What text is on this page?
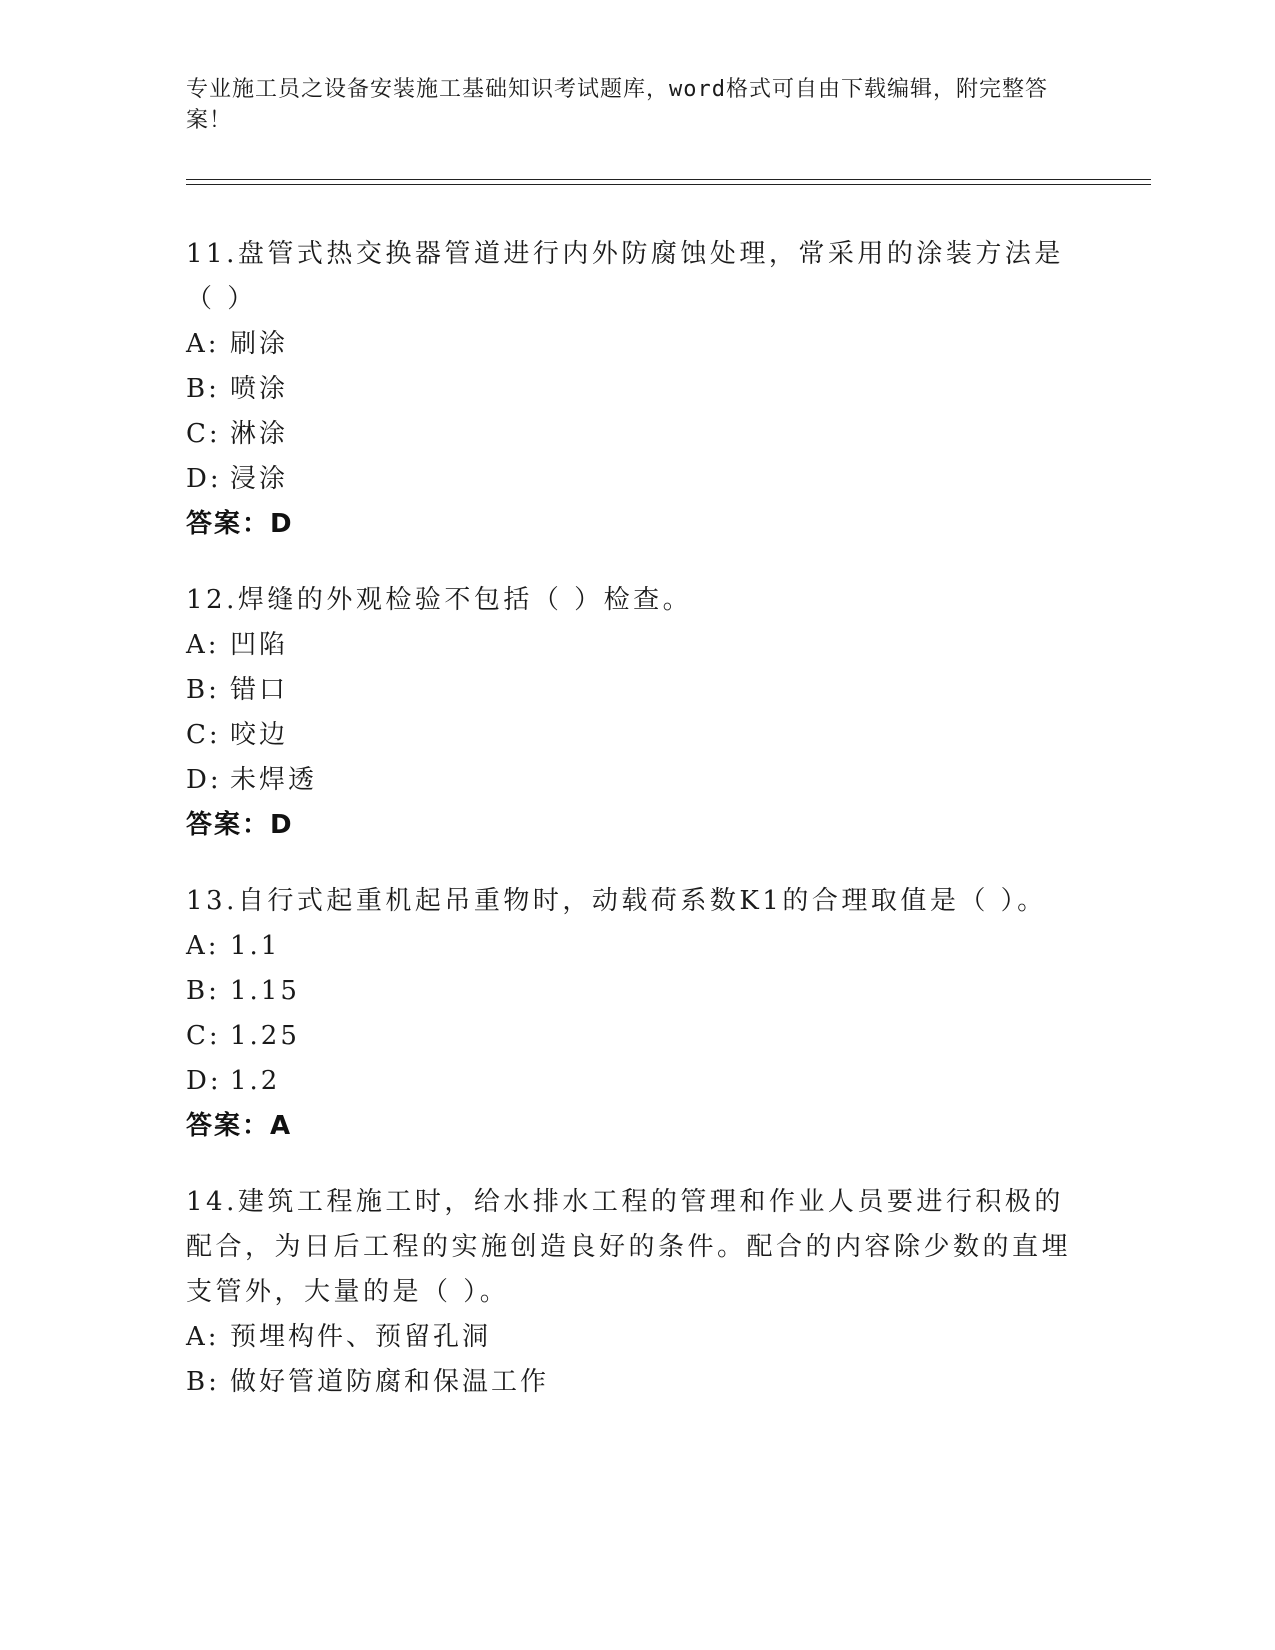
专业施工员之设备安装施工基础知识考试题库，word格式可自由下载编辑，附完整答案！
11.盘管式热交换器管道进行内外防腐蚀处理，常采用的涂装方法是（ ）
A: 刷涂
B: 喷涂
C: 淋涂
D: 浸涂
答案：D
12.焊缝的外观检验不包括（ ）检查。
A: 凹陷
B: 错口
C: 咬边
D: 未焊透
答案：D
13.自行式起重机起吊重物时，动载荷系数K1的合理取值是（ ）。
A: 1.1
B: 1.15
C: 1.25
D: 1.2
答案：A
14.建筑工程施工时，给水排水工程的管理和作业人员要进行积极的配合，为日后工程的实施创造良好的条件。配合的内容除少数的直埋支管外，大量的是（ ）。
A: 预埋构件、预留孔洞
B: 做好管道防腐和保温工作
